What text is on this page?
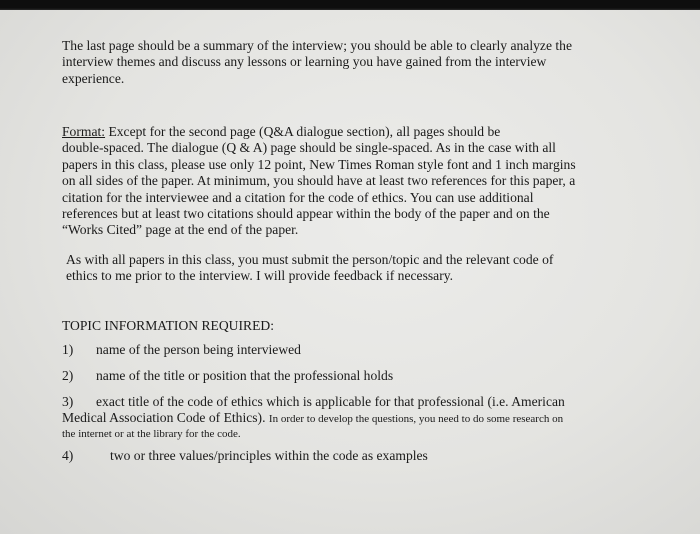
The last page should be a summary of the interview; you should be able to clearly analyze the
interview themes and discuss any lessons or learning you have gained from the interview
experience.
Format: Except for the second page (Q&A dialogue section), all pages should be
double-spaced. The dialogue (Q & A) page should be single-spaced. As in the case with all
papers in this class, please use only 12 point, New Times Roman style font and 1 inch margins
on all sides of the paper. At minimum, you should have at least two references for this paper, a
citation for the interviewee and a citation for the code of ethics. You can use additional
references but at least two citations should appear within the body of the paper and on the
“Works Cited” page at the end of the paper.
As with all papers in this class, you must submit the person/topic and the relevant code of
ethics to me prior to the interview. I will provide feedback if necessary.
TOPIC INFORMATION REQUIRED:
1) name of the person being interviewed
2) name of the title or position that the professional holds
3) exact title of the code of ethics which is applicable for that professional (i.e. American
Medical Association Code of Ethics). In order to develop the questions, you need to do some research on
the internet or at the library for the code.
4)	two or three values/principles within the code as examples
